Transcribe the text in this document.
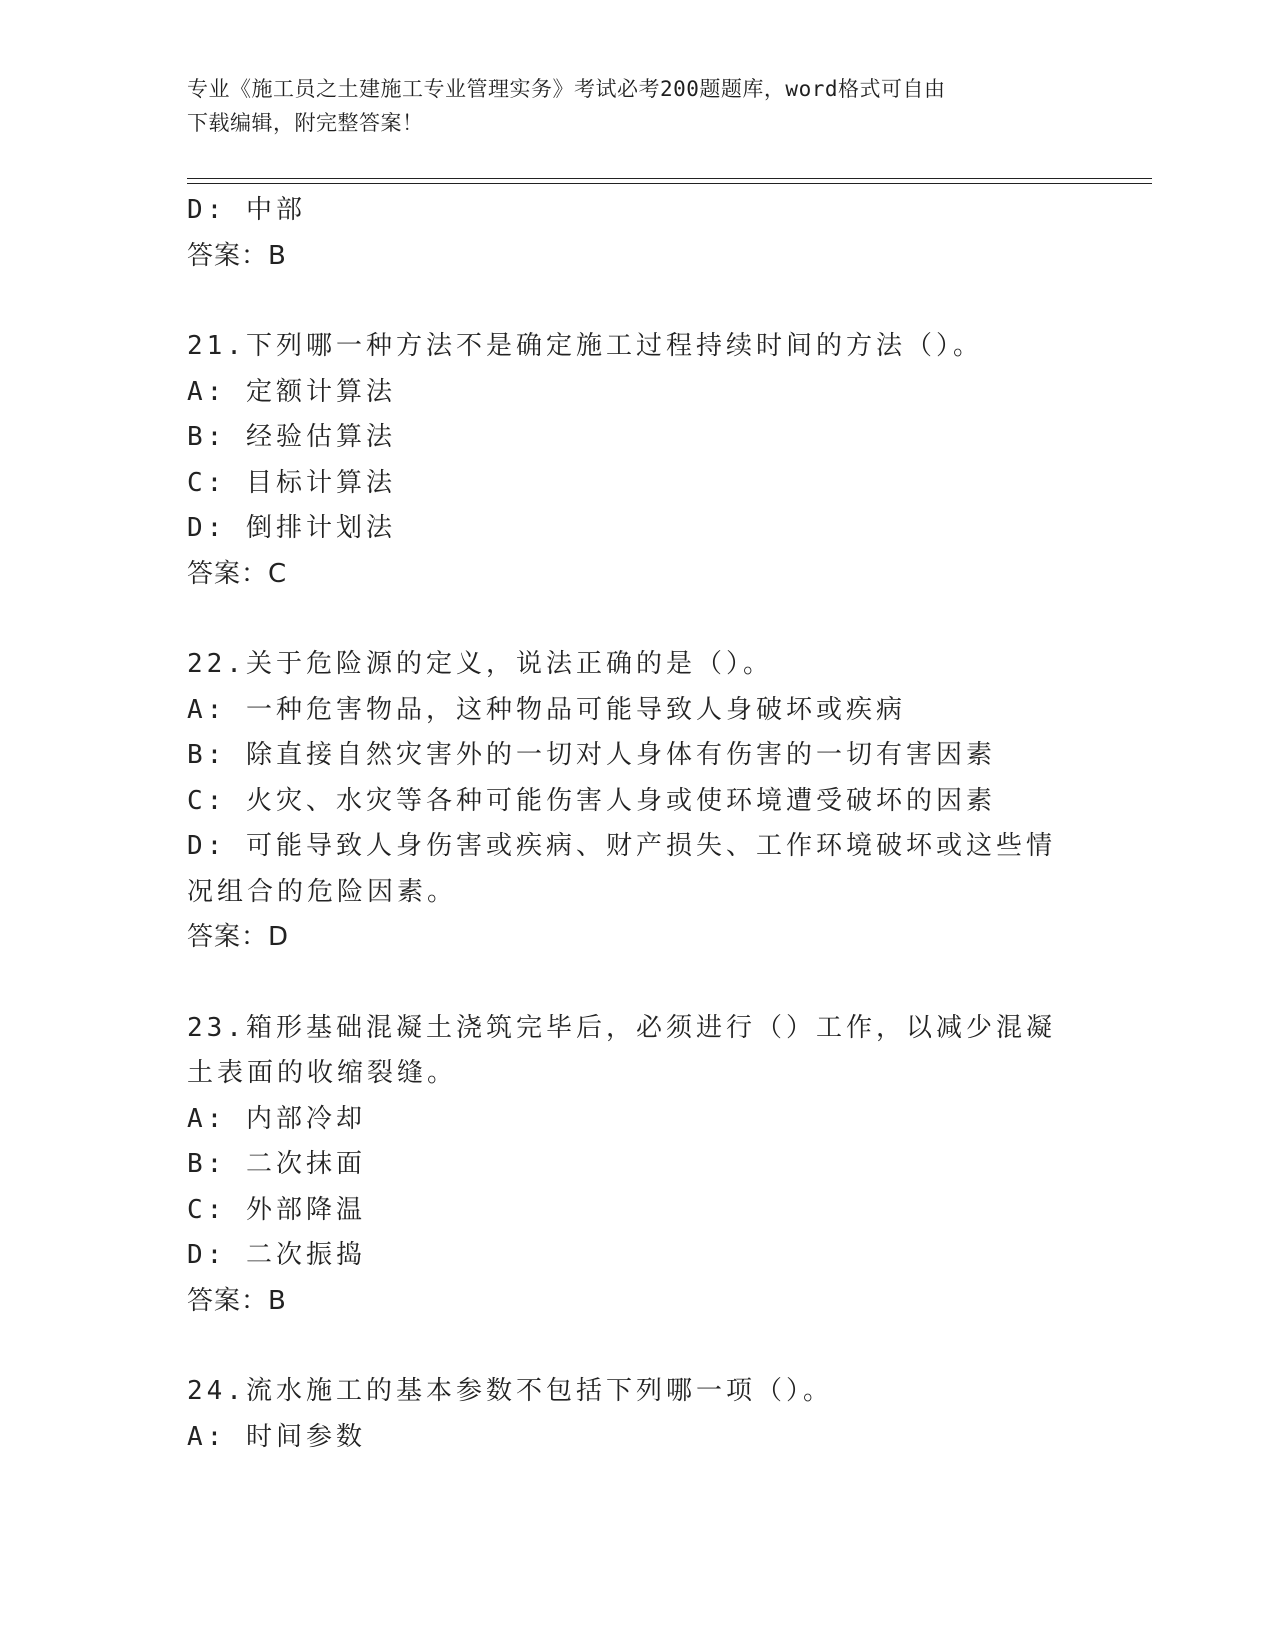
专业《施工员之土建施工专业管理实务》考试必考200题题库，word格式可自由
下载编辑，附完整答案！
D: 中部
答案：B
21.下列哪一种方法不是确定施工过程持续时间的方法（）。
A: 定额计算法
B: 经验估算法
C: 目标计算法
D: 倒排计划法
答案：C
22.关于危险源的定义，说法正确的是（）。
A: 一种危害物品，这种物品可能导致人身破坏或疾病
B: 除直接自然灾害外的一切对人身体有伤害的一切有害因素
C: 火灾、水灾等各种可能伤害人身或使环境遭受破坏的因素
D: 可能导致人身伤害或疾病、财产损失、工作环境破坏或这些情况组合的危险因素。
答案：D
23.箱形基础混凝土浇筑完毕后，必须进行（）工作，以减少混凝土表面的收缩裂缝。
A: 内部冷却
B: 二次抹面
C: 外部降温
D: 二次振捣
答案：B
24.流水施工的基本参数不包括下列哪一项（）。
A: 时间参数
